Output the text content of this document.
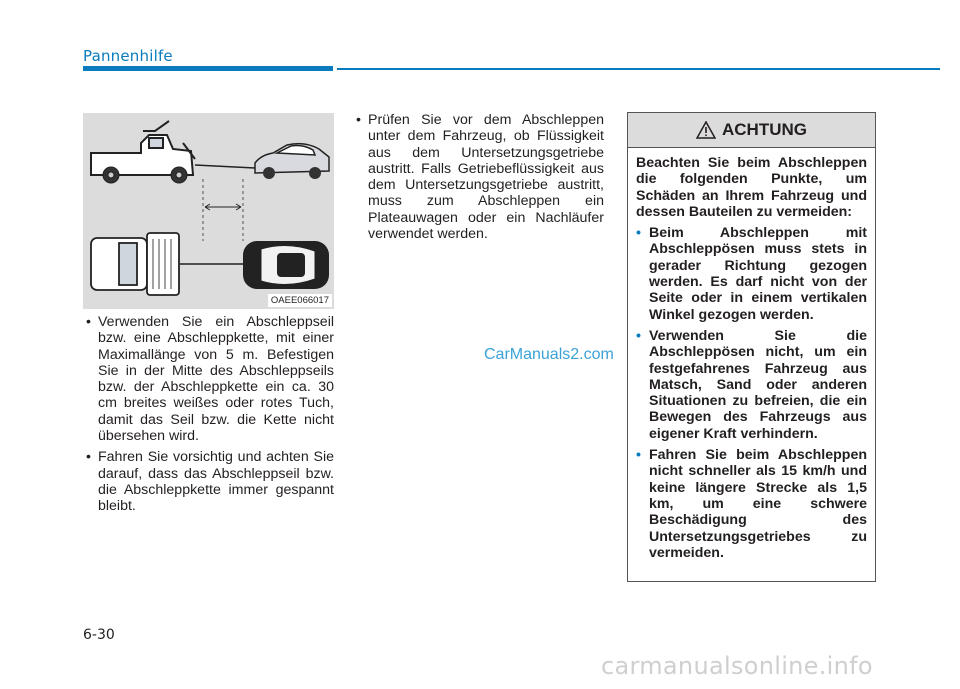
Pannenhilfe
OAEE066017
• Verwenden Sie ein Abschleppseil bzw. eine Abschleppkette, mit einer Maximallänge von 5 m. Befestigen Sie in der Mitte des Abschleppseils bzw. der Abschleppkette ein ca. 30 cm breites weißes oder rotes Tuch, damit das Seil bzw. die Kette nicht übersehen wird.
• Fahren Sie vorsichtig und achten Sie darauf, dass das Abschleppseil bzw. die Abschleppkette immer gespannt bleibt.
• Prüfen Sie vor dem Abschleppen unter dem Fahrzeug, ob Flüssigkeit aus dem Untersetzungsgetriebe austritt. Falls Getriebeflüssigkeit aus dem Untersetzungsgetriebe austritt, muss zum Abschleppen ein Plateauwagen oder ein Nachläufer verwendet werden.
ACHTUNG

Beachten Sie beim Abschleppen die folgenden Punkte, um Schäden an Ihrem Fahrzeug und dessen Bauteilen zu vermeiden:

• Beim Abschleppen mit Abschleppösen muss stets in gerader Richtung gezogen werden. Es darf nicht von der Seite oder in einem vertikalen Winkel gezogen werden.
• Verwenden Sie die Abschleppösen nicht, um ein festgefahrenes Fahrzeug aus Matsch, Sand oder anderen Situationen zu befreien, die ein Bewegen des Fahrzeugs aus eigener Kraft verhindern.
• Fahren Sie beim Abschleppen nicht schneller als 15 km/h und keine längere Strecke als 1,5 km, um eine schwere Beschädigung des Untersetzungsgetriebes zu vermeiden.
CarManuals2.com
6-30
carmanualsonline.info
